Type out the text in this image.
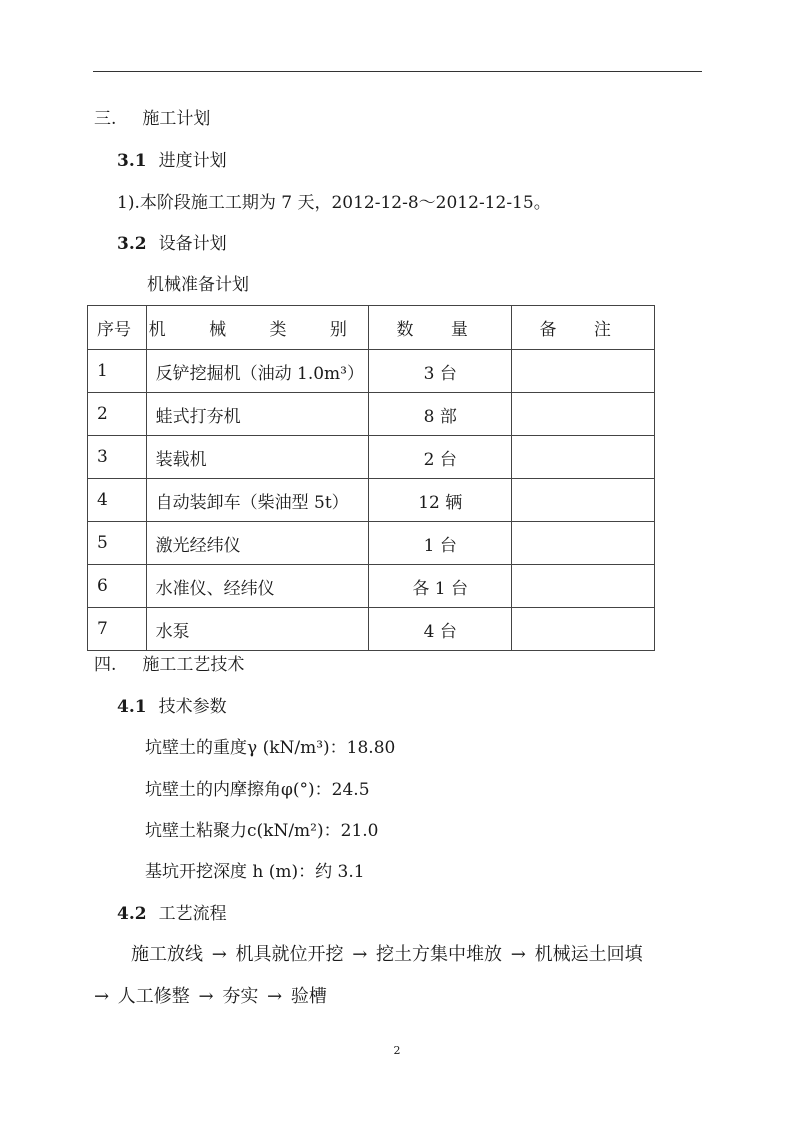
三. 施工计划
3.1 进度计划
1).本阶段施工工期为 7 天，2012-12-8～2012-12-15。
3.2 设备计划
机械准备计划
序号	机 械 类 别	数 量	备 注
1	反铲挖掘机（油动 1.0m³）	3 台	
2	蛙式打夯机	8 部	
3	装载机	2 台	
4	自动装卸车（柴油型 5t）	12 辆	
5	激光经纬仪	1 台	
6	水准仪、经纬仪	各 1 台	
7	水泵	4 台	
四. 施工工艺技术
4.1 技术参数
坑壁土的重度γ (kN/m³)：18.80
坑壁土的内摩擦角φ(°)：24.5
坑壁土粘聚力c(kN/m²)：21.0
基坑开挖深度 h (m)：约 3.1
4.2 工艺流程
施工放线 → 机具就位开挖 → 挖土方集中堆放 → 机械运土回填
→ 人工修整 → 夯实 → 验槽
2
